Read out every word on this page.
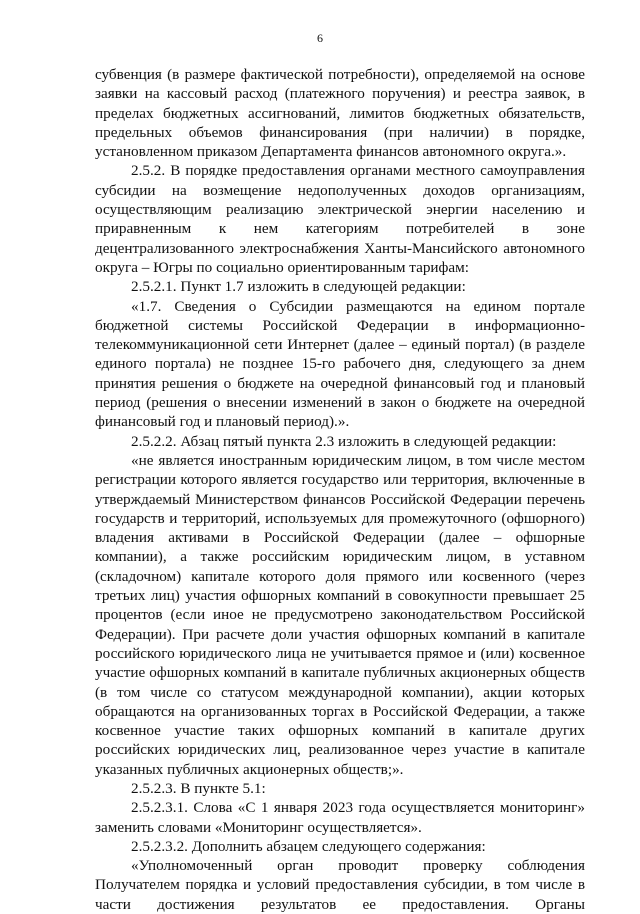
6

субвенция (в размере фактической потребности), определяемой на основе заявки на кассовый расход (платежного поручения) и реестра заявок, в пределах бюджетных ассигнований, лимитов бюджетных обязательств, предельных объемов финансирования (при наличии) в порядке, установленном приказом Департамента финансов автономного округа.».

2.5.2. В порядке предоставления органами местного самоуправления субсидии на возмещение недополученных доходов организациям, осуществляющим реализацию электрической энергии населению и приравненным к нем категориям потребителей в зоне децентрализованного электроснабжения Ханты-Мансийского автономного округа – Югры по социально ориентированным тарифам:

2.5.2.1. Пункт 1.7 изложить в следующей редакции:

«1.7. Сведения о Субсидии размещаются на едином портале бюджетной системы Российской Федерации в информационно-телекоммуникационной сети Интернет (далее – единый портал) (в разделе единого портала) не позднее 15-го рабочего дня, следующего за днем принятия решения о бюджете на очередной финансовый год и плановый период (решения о внесении изменений в закон о бюджете на очередной финансовый год и плановый период).».

2.5.2.2. Абзац пятый пункта 2.3 изложить в следующей редакции:

«не является иностранным юридическим лицом, в том числе местом регистрации которого является государство или территория, включенные в утверждаемый Министерством финансов Российской Федерации перечень государств и территорий, используемых для промежуточного (офшорного) владения активами в Российской Федерации (далее – офшорные компании), а также российским юридическим лицом, в уставном (складочном) капитале которого доля прямого или косвенного (через третьих лиц) участия офшорных компаний в совокупности превышает 25 процентов (если иное не предусмотрено законодательством Российской Федерации). При расчете доли участия офшорных компаний в капитале российского юридического лица не учитывается прямое и (или) косвенное участие офшорных компаний в капитале публичных акционерных обществ (в том числе со статусом международной компании), акции которых обращаются на организованных торгах в Российской Федерации, а также косвенное участие таких офшорных компаний в капитале других российских юридических лиц, реализованное через участие в капитале указанных публичных акционерных обществ;».

2.5.2.3. В пункте 5.1:

2.5.2.3.1. Слова «С 1 января 2023 года осуществляется мониторинг» заменить словами «Мониторинг осуществляется».

2.5.2.3.2. Дополнить абзацем следующего содержания:

«Уполномоченный орган проводит проверку соблюдения Получателем порядка и условий предоставления субсидии, в том числе в части достижения результатов ее предоставления. Органы
